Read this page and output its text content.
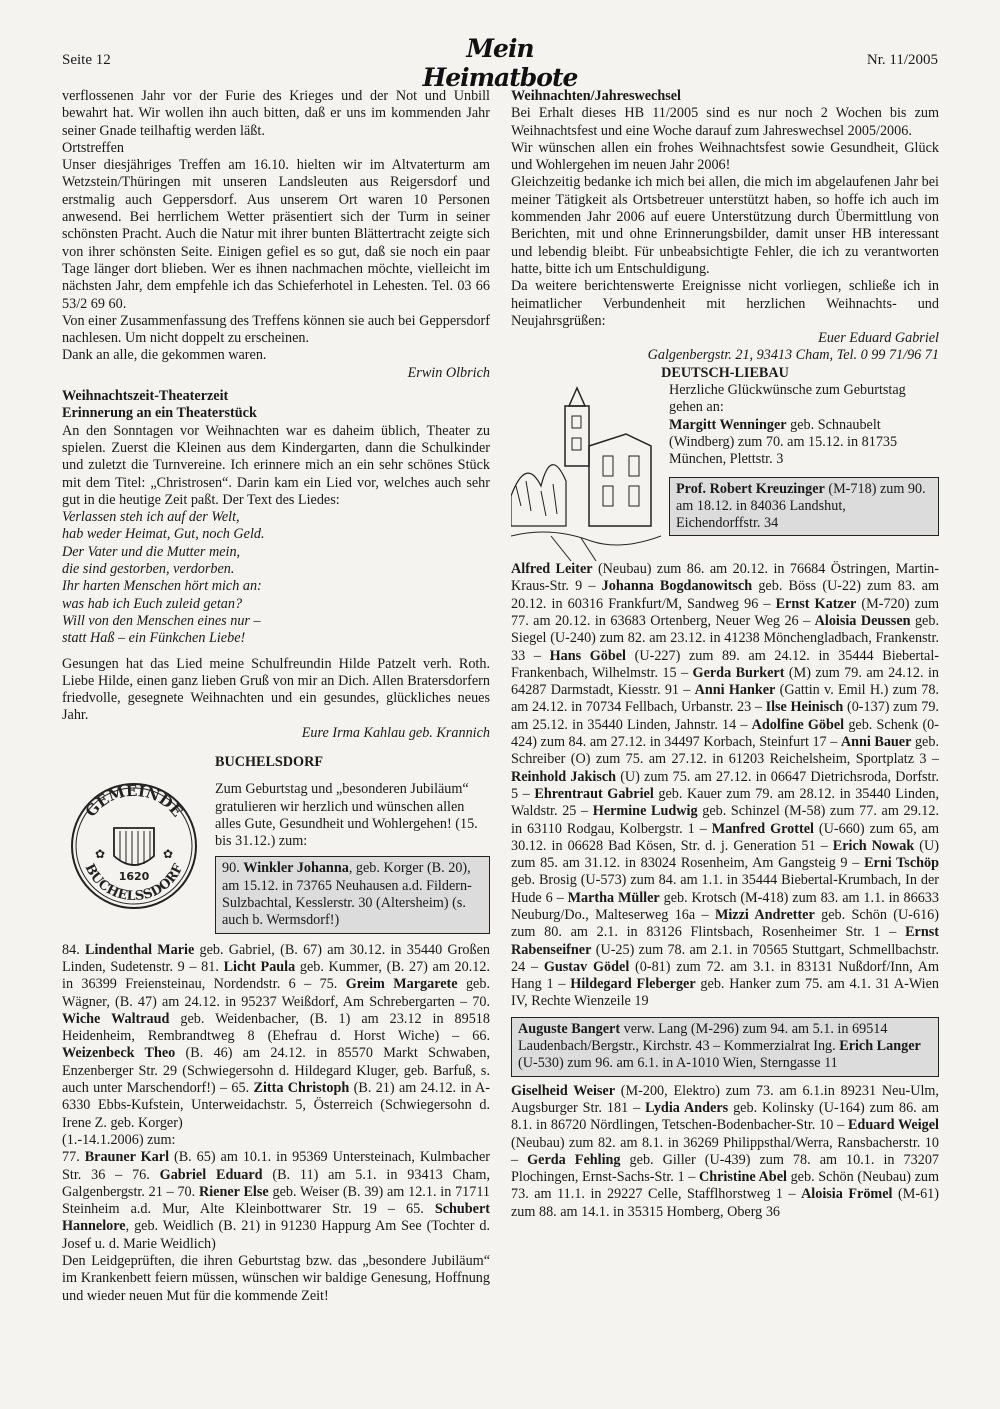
Seite 12	Mein Heimatbote
Nr. 11/2005

verflossenen Jahr vor der Furie des Krieges und der Not und Unbill bewahrt hat. Wir wollen ihn auch bitten, daß er uns im kommenden Jahr seiner Gnade teilhaftig werden läßt.

Ortstreffen

Unser diesjähriges Treffen am 16.10. hielten wir im Altvaterturm am Wetzstein/Thüringen mit unseren Landsleuten aus Reigersdorf und erstmalig auch Geppersdorf. Aus unserem Ort waren 10 Personen anwesend. Bei herrlichem Wetter präsentiert sich der Turm in seiner schönsten Pracht. Auch die Natur mit ihrer bunten Blättertracht zeigte sich von ihrer schönsten Seite. Einigen gefiel es so gut, daß sie noch ein paar Tage länger dort blieben. Wer es ihnen nachmachen möchte, vielleicht im nächsten Jahr, dem empfehle ich das Schieferhotel in Lehesten. Tel. 03 66 53/2 69 60.

Von einer Zusammenfassung des Treffens können sie auch bei Geppersdorf nachlesen. Um nicht doppelt zu erscheinen.

Dank an alle, die gekommen waren.

Erwin Olbrich

Weihnachtszeit-Theaterzeit

Erinnerung an ein Theaterstück

An den Sonntagen vor Weihnachten war es daheim üblich, Theater zu spielen. Zuerst die Kleinen aus dem Kindergarten, dann die Schulkinder und zuletzt die Turnvereine. Ich erinnere mich an ein sehr schönes Stück mit dem Titel: „Christrosen“. Darin kam ein Lied vor, welches auch sehr gut in die heutige Zeit paßt. Der Text des Liedes:

Verlassen steh ich auf der Welt,

hab weder Heimat, Gut, noch Geld.

Der Vater und die Mutter mein,

die sind gestorben, verdorben.

Ihr harten Menschen hört mich an:

was hab ich Euch zuleid getan?

Will von den Menschen eines nur –

statt Haß – ein Fünkchen Liebe!

Gesungen hat das Lied meine Schulfreundin Hilde Patzelt verh. Roth. Liebe Hilde, einen ganz lieben Gruß von mir an Dich. Allen Bratersdorfern friedvolle, gesegnete Weihnachten und ein gesundes, glückliches neues Jahr.

Eure Irma Kahlau geb. Krannich

GEMEINDE
BUCHELSSDORF
1620
✿	✿

BUCHELSDORF

Zum Geburtstag und „besonderen Jubiläum“ gratulieren wir herzlich und wünschen allen alles Gute, Gesundheit und Wohlergehen! (15. bis 31.12.) zum:

90. Winkler Johanna, geb. Korger (B. 20), am 15.12. in 73765 Neuhausen a.d. Fildern-Sulzbachtal, Kesslerstr. 30 (Altersheim) (s. auch b. Wermsdorf!)

84. Lindenthal Marie geb. Gabriel, (B. 67) am 30.12. in 35440 Großen Linden, Sudetenstr. 9 – 81. Licht Paula geb. Kummer, (B. 27) am 20.12. in 36399 Freiensteinau, Nordendstr. 6 – 75. Greim Margarete geb. Wägner, (B. 47) am 24.12. in 95237 Weißdorf, Am Schrebergarten – 70. Wiche Waltraud geb. Weidenbacher, (B. 1) am 23.12 in 89518 Heidenheim, Rembrandtweg 8 (Ehefrau d. Horst Wiche) – 66. Weizenbeck Theo (B. 46) am 24.12. in 85570 Markt Schwaben, Enzenberger Str. 29 (Schwiegersohn d. Hildegard Kluger, geb. Barfuß, s. auch unter Marschendorf!) – 65. Zitta Christoph (B. 21) am 24.12. in A-6330 Ebbs-Kufstein, Unterweidachstr. 5, Österreich (Schwiegersohn d. Irene Z. geb. Korger)

(1.-14.1.2006) zum:

77. Brauner Karl (B. 65) am 10.1. in 95369 Untersteinach, Kulmbacher Str. 36 – 76. Gabriel Eduard (B. 11) am 5.1. in 93413 Cham, Galgenbergstr. 21 – 70. Riener Else geb. Weiser (B. 39) am 12.1. in 71711 Steinheim a.d. Mur, Alte Kleinbottwarer Str. 19 – 65. Schubert Hannelore, geb. Weidlich (B. 21) in 91230 Happurg Am See (Tochter d. Josef u. d. Marie Weidlich)

Den Leidgeprüften, die ihren Geburtstag bzw. das „besondere Jubiläum“ im Krankenbett feiern müssen, wünschen wir baldige Genesung, Hoffnung und wieder neuen Mut für die kommende Zeit!

Weihnachten/Jahreswechsel

Bei Erhalt dieses HB 11/2005 sind es nur noch 2 Wochen bis zum Weihnachtsfest und eine Woche darauf zum Jahreswechsel 2005/2006.

Wir wünschen allen ein frohes Weihnachtsfest sowie Gesundheit, Glück und Wohlergehen im neuen Jahr 2006!

Gleichzeitig bedanke ich mich bei allen, die mich im abgelaufenen Jahr bei meiner Tätigkeit als Ortsbetreuer unterstützt haben, so hoffe ich auch im kommenden Jahr 2006 auf euere Unterstützung durch Übermittlung von Berichten, mit und ohne Erinnerungsbilder, damit unser HB interessant und lebendig bleibt. Für unbeabsichtigte Fehler, die ich zu verantworten hatte, bitte ich um Entschuldigung.

Da weitere berichtenswerte Ereignisse nicht vorliegen, schließe ich in heimatlicher Verbundenheit mit herzlichen Weihnachts- und Neujahrsgrüßen:

Euer Eduard Gabriel

Galgenbergstr. 21, 93413 Cham, Tel. 0 99 71/96 71

DEUTSCH-LIEBAU

Herzliche Glückwünsche zum Geburtstag gehen an:

Margitt Wenninger geb. Schnaubelt (Windberg) zum 70. am 15.12. in 81735 München, Plettstr. 3

Prof. Robert Kreuzinger (M-718) zum 90. am 18.12. in 84036 Landshut, Eichendorffstr. 34

Alfred Leiter (Neubau) zum 86. am 20.12. in 76684 Östringen, Martin-Kraus-Str. 9 – Johanna Bogdanowitsch geb. Böss (U-22) zum 83. am 20.12. in 60316 Frankfurt/M, Sandweg 96 – Ernst Katzer (M-720) zum 77. am 20.12. in 63683 Ortenberg, Neuer Weg 26 – Aloisia Deussen geb. Siegel (U-240) zum 82. am 23.12. in 41238 Mönchengladbach, Frankenstr. 33 – Hans Göbel (U-227) zum 89. am 24.12. in 35444 Biebertal-Frankenbach, Wilhelmstr. 15 – Gerda Burkert (M) zum 79. am 24.12. in 64287 Darmstadt, Kiesstr. 91 – Anni Hanker (Gattin v. Emil H.) zum 78. am 24.12. in 70734 Fellbach, Urbanstr. 23 – Ilse Heinisch (0-137) zum 79. am 25.12. in 35440 Linden, Jahnstr. 14 – Adolfine Göbel geb. Schenk (0-424) zum 84. am 27.12. in 34497 Korbach, Steinfurt 17 – Anni Bauer geb. Schreiber (O) zum 75. am 27.12. in 61203 Reichelsheim, Sportplatz 3 – Reinhold Jakisch (U) zum 75. am 27.12. in 06647 Dietrichsroda, Dorfstr. 5 – Ehrentraut Gabriel geb. Kauer zum 79. am 28.12. in 35440 Linden, Waldstr. 25 – Hermine Ludwig geb. Schinzel (M-58) zum 77. am 29.12. in 63110 Rodgau, Kolbergstr. 1 – Manfred Grottel (U-660) zum 65, am 30.12. in 06628 Bad Kösen, Str. d. j. Generation 51 – Erich Nowak (U) zum 85. am 31.12. in 83024 Rosenheim, Am Gangsteig 9 – Erni Tschöp geb. Brosig (U-573) zum 84. am 1.1. in 35444 Biebertal-Krumbach, In der Hude 6 – Martha Müller geb. Krotsch (M-418) zum 83. am 1.1. in 86633 Neuburg/Do., Malteserweg 16a – Mizzi Andretter geb. Schön (U-616) zum 80. am 2.1. in 83126 Flintsbach, Rosenheimer Str. 1 – Ernst Rabenseifner (U-25) zum 78. am 2.1. in 70565 Stuttgart, Schmellbachstr. 24 – Gustav Gödel (0-81) zum 72. am 3.1. in 83131 Nußdorf/Inn, Am Hang 1 – Hildegard Fleberger geb. Hanker zum 75. am 4.1. 31 A-Wien IV, Rechte Wienzeile 19

Auguste Bangert verw. Lang (M-296) zum 94. am 5.1. in 69514 Laudenbach/Bergstr., Kirchstr. 43 – Kommerzialrat Ing. Erich Langer (U-530) zum 96. am 6.1. in A-1010 Wien, Sterngasse 11

Giselheid Weiser (M-200, Elektro) zum 73. am 6.1.in 89231 Neu-Ulm, Augsburger Str. 181 – Lydia Anders geb. Kolinsky (U-164) zum 86. am 8.1. in 86720 Nördlingen, Tetschen-Bodenbacher-Str. 10 – Eduard Weigel (Neubau) zum 82. am 8.1. in 36269 Philippsthal/Werra, Ransbacherstr. 10 – Gerda Fehling geb. Giller (U-439) zum 78. am 10.1. in 73207 Plochingen, Ernst-Sachs-Str. 1 – Christine Abel geb. Schön (Neubau) zum 73. am 11.1. in 29227 Celle, Stafflhorstweg 1 – Aloisia Frömel (M-61) zum 88. am 14.1. in 35315 Homberg, Oberg 36
